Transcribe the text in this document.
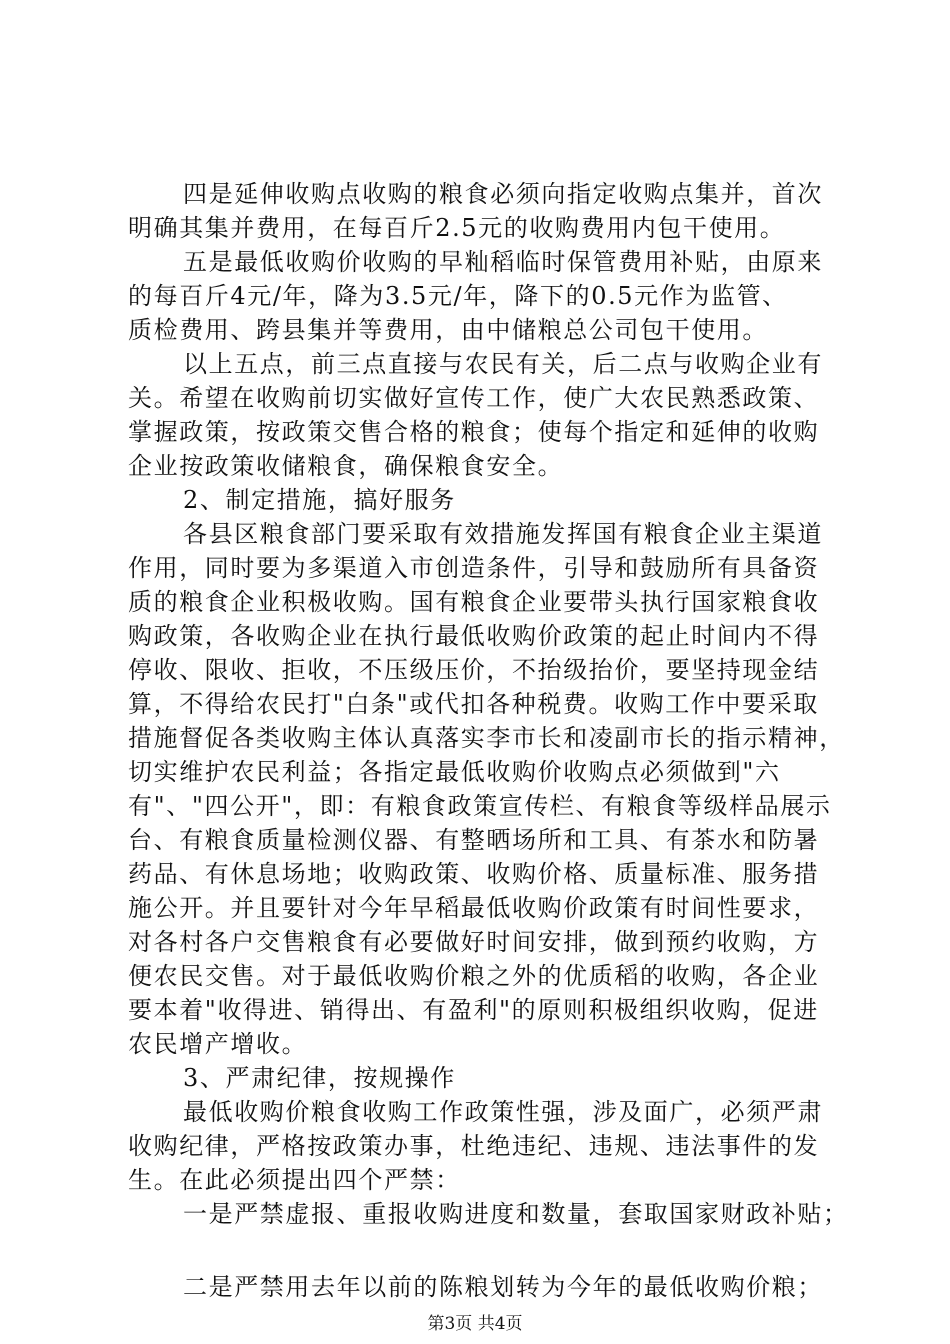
四是延伸收购点收购的粮食必须向指定收购点集并，首次
明确其集并费用，在每百斤2.5元的收购费用内包干使用。
五是最低收购价收购的早籼稻临时保管费用补贴，由原来
的每百斤4元/年，降为3.5元/年，降下的0.5元作为监管、
质检费用、跨县集并等费用，由中储粮总公司包干使用。
以上五点，前三点直接与农民有关，后二点与收购企业有
关。希望在收购前切实做好宣传工作，使广大农民熟悉政策、
掌握政策，按政策交售合格的粮食；使每个指定和延伸的收购
企业按政策收储粮食，确保粮食安全。
2、制定措施，搞好服务
各县区粮食部门要采取有效措施发挥国有粮食企业主渠道
作用，同时要为多渠道入市创造条件，引导和鼓励所有具备资
质的粮食企业积极收购。国有粮食企业要带头执行国家粮食收
购政策，各收购企业在执行最低收购价政策的起止时间内不得
停收、限收、拒收，不压级压价，不抬级抬价，要坚持现金结
算，不得给农民打"白条"或代扣各种税费。收购工作中要采取
措施督促各类收购主体认真落实李市长和凌副市长的指示精神，
切实维护农民利益；各指定最低收购价收购点必须做到"六
有"、"四公开"，即：有粮食政策宣传栏、有粮食等级样品展示
台、有粮食质量检测仪器、有整晒场所和工具、有茶水和防暑
药品、有休息场地；收购政策、收购价格、质量标准、服务措
施公开。并且要针对今年早稻最低收购价政策有时间性要求，
对各村各户交售粮食有必要做好时间安排，做到预约收购，方
便农民交售。对于最低收购价粮之外的优质稻的收购，各企业
要本着"收得进、销得出、有盈利"的原则积极组织收购，促进
农民增产增收。
3、严肃纪律，按规操作
最低收购价粮食收购工作政策性强，涉及面广，必须严肃
收购纪律，严格按政策办事，杜绝违纪、违规、违法事件的发
生。在此必须提出四个严禁：
一是严禁虚报、重报收购进度和数量，套取国家财政补贴；
二是严禁用去年以前的陈粮划转为今年的最低收购价粮；
第3页 共4页
